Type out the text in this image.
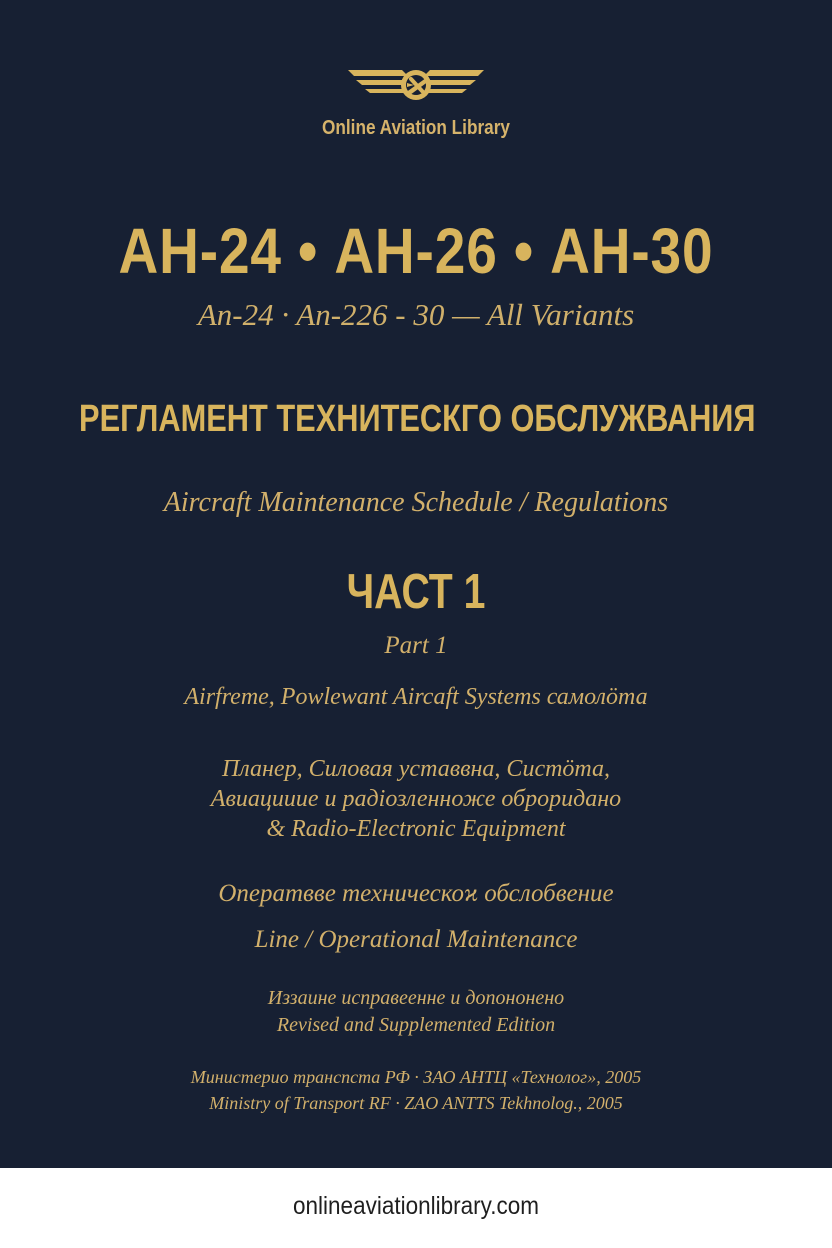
Online Aviation Library
АН-24 • АН-26 • АН-30
An-24 · An-226 - 30 — All Variants
РЕГЛАМЕНТ ТЕХНИТЕСКГО ОБСЛУЖВАНИЯ
Aircraft Maintenance Schedule / Regulations
ЧАСТ 1
Part 1
Airfreme, Powlewant Aircaft Systems самолöта
Планер, Силовая уставвна, Систöта,
Авиацииие и радiозленноже оброридано
& Radio-Electronic Equipment
Оператвве техническоϰ обслобвение
Line / Operational Maintenance
Иззаине исправеенне и допононено
Revised and Supplemented Edition
Министерио транспста РФ · ЗАО АНТЦ «Технолог», 2005
Ministry of Transport RF · ZAO ANTTS Tekhnolog., 2005
onlineaviationlibrary.com
